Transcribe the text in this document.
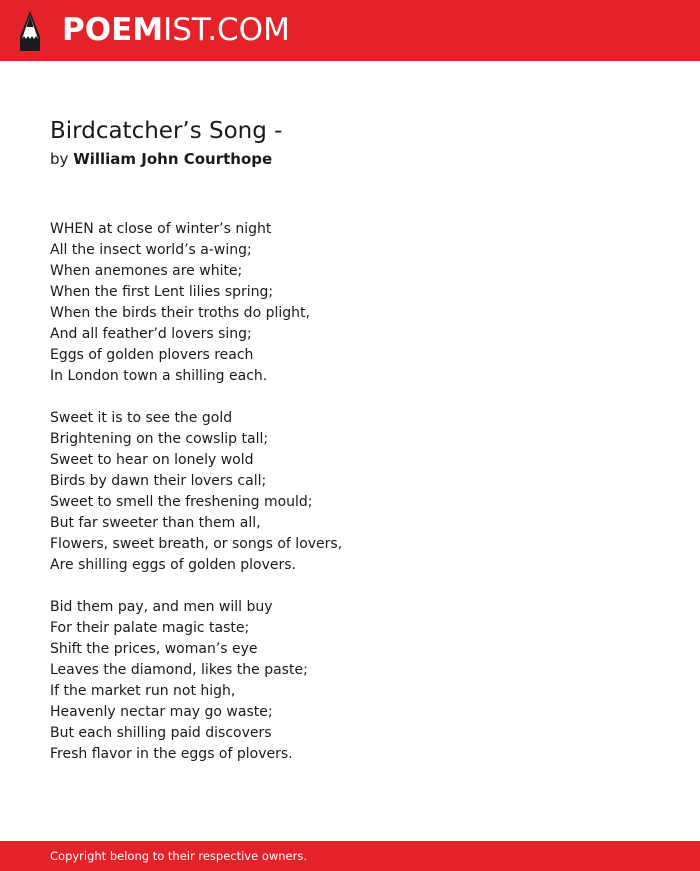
POEMIST.COM
Birdcatcher’s Song -
by William John Courthope
WHEN at close of winter’s night
All the insect world’s a-wing;
When anemones are white;
When the first Lent lilies spring;
When the birds their troths do plight,
And all feather’d lovers sing;
Eggs of golden plovers reach
In London town a shilling each.
Sweet it is to see the gold
Brightening on the cowslip tall;
Sweet to hear on lonely wold
Birds by dawn their lovers call;
Sweet to smell the freshening mould;
But far sweeter than them all,
Flowers, sweet breath, or songs of lovers,
Are shilling eggs of golden plovers.
Bid them pay, and men will buy
For their palate magic taste;
Shift the prices, woman’s eye
Leaves the diamond, likes the paste;
If the market run not high,
Heavenly nectar may go waste;
But each shilling paid discovers
Fresh flavor in the eggs of plovers.
Copyright belong to their respective owners.
